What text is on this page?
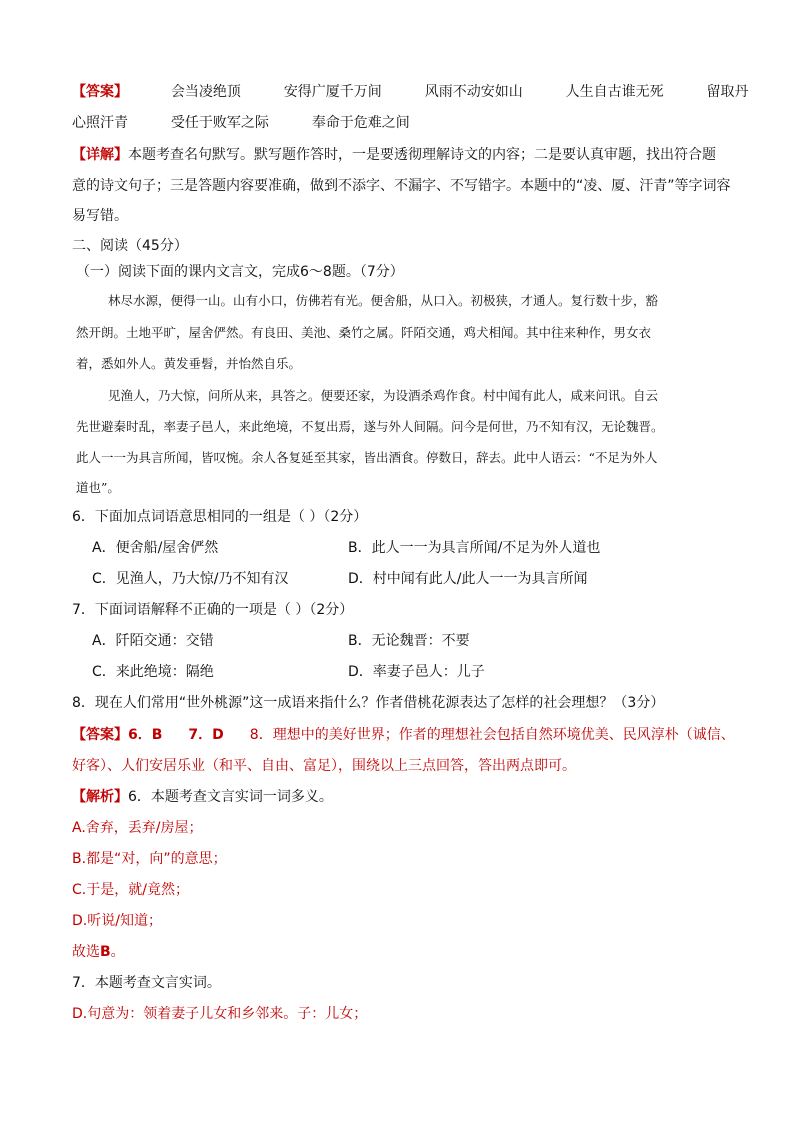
【答案】	会当凌绝顶	安得广厦千万间	风雨不动安如山	人生自古谁无死	留取丹
心照汗青	受任于败军之际	奉命于危难之间
【详解】本题考查名句默写。默写题作答时，一是要透彻理解诗文的内容；二是要认真审题，找出符合题
意的诗文句子；三是答题内容要准确，做到不添字、不漏字、不写错字。本题中的“凌、厦、汗青”等字词容
易写错。
二、阅读（45分）
（一）阅读下面的课内文言文，完成6～8题。（7分）
林尽水源，便得一山。山有小口，仿佛若有光。便舍船，从口入。初极狭，才通人。复行数十步，豁
然开朗。土地平旷，屋舍俨然。有良田、美池、桑竹之属。阡陌交通，鸡犬相闻。其中往来种作，男女衣
着，悉如外人。黄发垂髫，并怡然自乐。
见渔人，乃大惊，问所从来，具答之。便要还家，为设酒杀鸡作食。村中闻有此人，咸来问讯。自云
先世避秦时乱，率妻子邑人，来此绝境，不复出焉，遂与外人间隔。问今是何世，乃不知有汉，无论魏晋。
此人一一为具言所闻，皆叹惋。余人各复延至其家，皆出酒食。停数日，辞去。此中人语云：“不足为外人
道也”。
6．下面加点词语意思相同的一组是（ ）（2分）
A．便舍船/屋舍俨然	B．此人一一为具言所闻/不足为外人道也
C．见渔人，乃大惊/乃不知有汉	D．村中闻有此人/此人一一为具言所闻
7．下面词语解释不正确的一项是（ ）（2分）
A．阡陌交通：交错	B．无论魏晋：不要
C．来此绝境：隔绝	D．率妻子邑人：儿子
8．现在人们常用“世外桃源”这一成语来指什么？作者借桃花源表达了怎样的社会理想？（3分）
【答案】6．B 7．D 8．理想中的美好世界；作者的理想社会包括自然环境优美、民风淳朴（诚信、
好客）、人们安居乐业（和平、自由、富足），围绕以上三点回答，答出两点即可。
【解析】6．本题考查文言实词一词多义。
A.舍弃，丢弃/房屋；
B.都是“对，向”的意思；
C.于是，就/竟然；
D.听说/知道；
故选B。
7．本题考查文言实词。
D.句意为：领着妻子儿女和乡邻来。子：儿女；
